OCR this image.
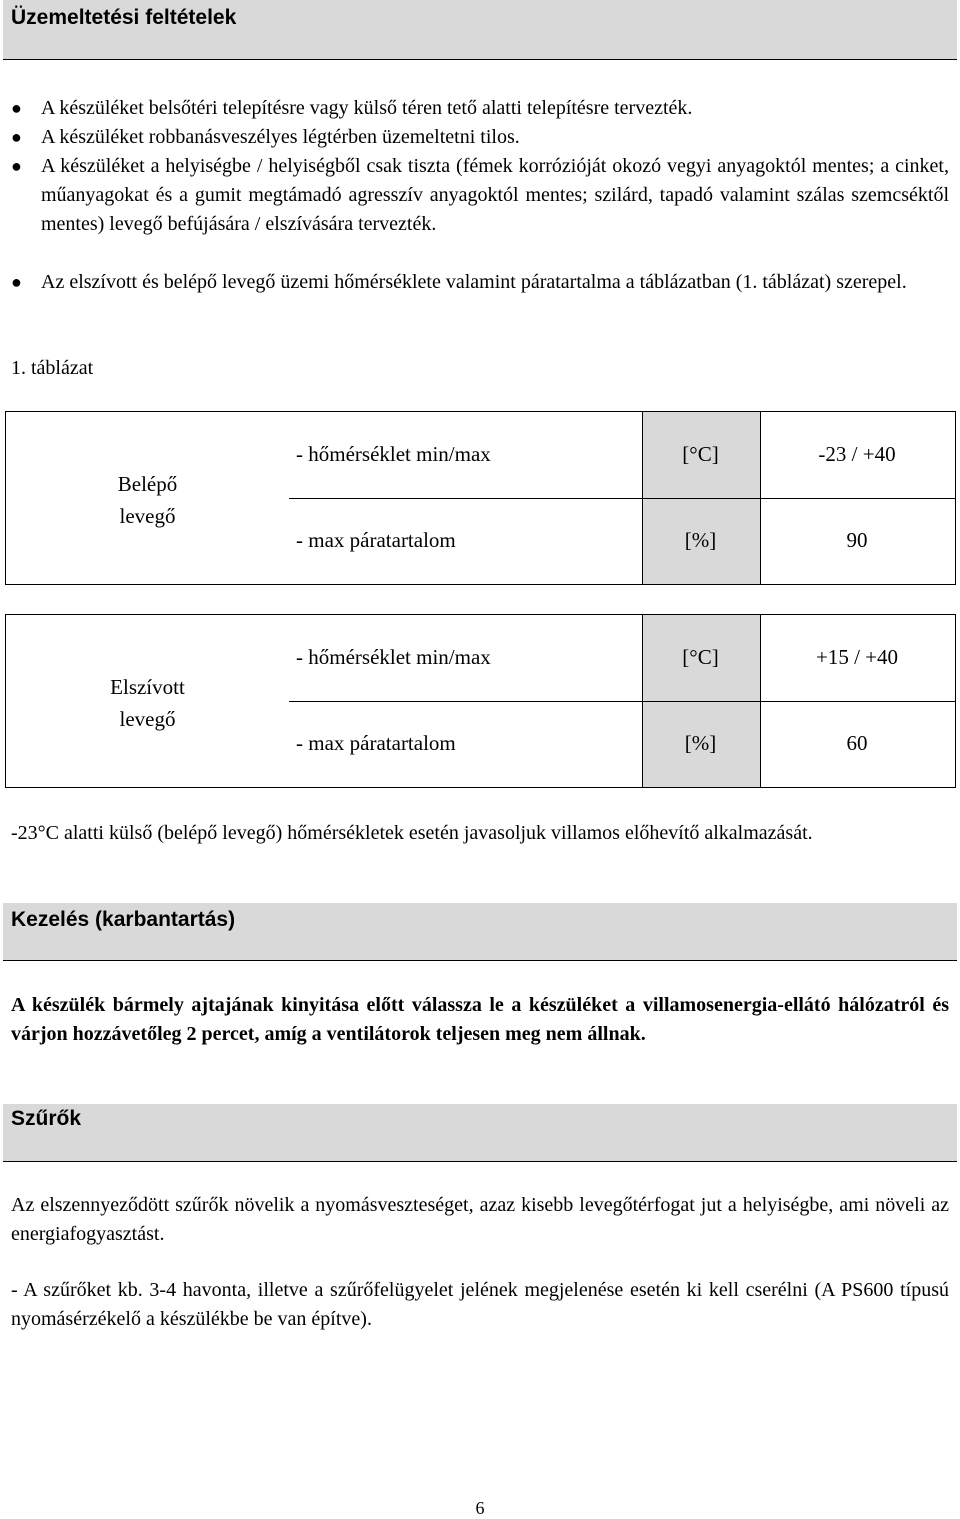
Üzemeltetési feltételek
● A készüléket belsőtéri telepítésre vagy külső téren tető alatti telepítésre tervezték.
● A készüléket robbanásveszélyes légtérben üzemeltetni tilos.
● A készüléket a helyiségbe / helyiségből csak tiszta (fémek korrózióját okozó vegyi anyagoktól mentes; a cinket, műanyagokat és a gumit megtámadó agresszív anyagoktól mentes; szilárd, tapadó valamint szálas szemcséktől mentes) levegő befújására / elszívására tervezték.
● Az elszívott és belépő levegő üzemi hőmérséklete valamint páratartalma a táblázatban (1. táblázat) szerepel.
1. táblázat
Belépő
levegő
- hőmérséklet min/max	[°C]	-23 / +40
- max páratartalom	[%]	90
Elszívott
levegő
- hőmérséklet min/max	[°C]	+15 / +40
- max páratartalom	[%]	60
-23°C alatti külső (belépő levegő) hőmérsékletek esetén javasoljuk villamos előhevítő alkalmazását.
Kezelés (karbantartás)
A készülék bármely ajtajának kinyitása előtt válassza le a készüléket a villamosenergia-ellátó hálózatról és várjon hozzávetőleg 2 percet, amíg a ventilátorok teljesen meg nem állnak.
Szűrők
Az elszennyeződött szűrők növelik a nyomásveszteséget, azaz kisebb levegőtérfogat jut a helyiségbe, ami növeli az energiafogyasztást.
- A szűrőket kb. 3-4 havonta, illetve a szűrőfelügyelet jelének megjelenése esetén ki kell cserélni (A PS600 típusú nyomásérzékelő a készülékbe be van építve).
6
